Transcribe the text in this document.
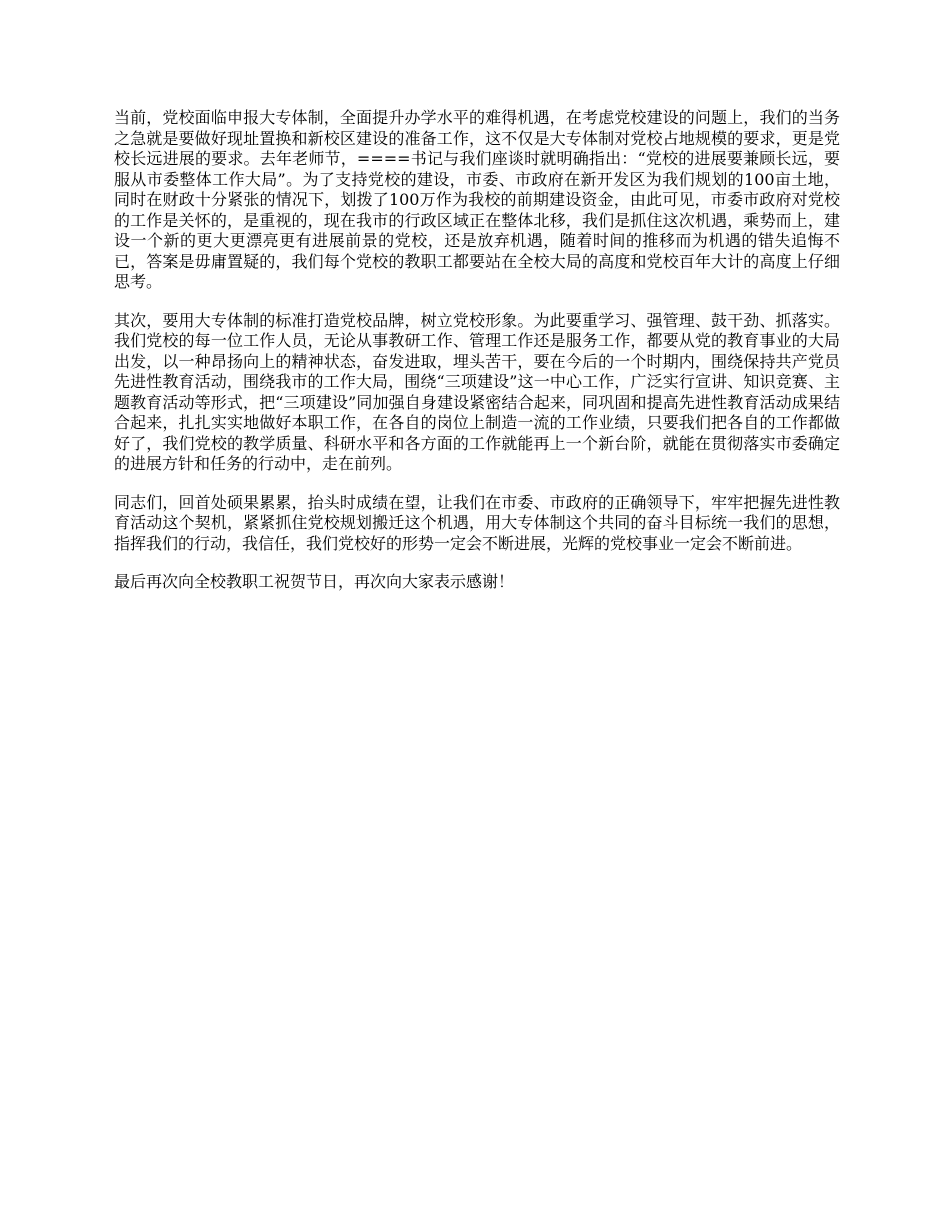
当前，党校面临申报大专体制，全面提升办学水平的难得机遇，在考虑党校建设的问题上，我们的当务之急就是要做好现址置换和新校区建设的准备工作，这不仅是大专体制对党校占地规模的要求，更是党校长远进展的要求。去年老师节，====书记与我们座谈时就明确指出：“党校的进展要兼顾长远，要服从市委整体工作大局”。为了支持党校的建设，市委、市政府在新开发区为我们规划的100亩土地，同时在财政十分紧张的情况下，划拨了100万作为我校的前期建设资金，由此可见，市委市政府对党校的工作是关怀的，是重视的，现在我市的行政区域正在整体北移，我们是抓住这次机遇，乘势而上，建设一个新的更大更漂亮更有进展前景的党校，还是放弃机遇，随着时间的推移而为机遇的错失追悔不已，答案是毋庸置疑的，我们每个党校的教职工都要站在全校大局的高度和党校百年大计的高度上仔细思考。

其次，要用大专体制的标准打造党校品牌，树立党校形象。为此要重学习、强管理、鼓干劲、抓落实。我们党校的每一位工作人员，无论从事教研工作、管理工作还是服务工作，都要从党的教育事业的大局出发，以一种昂扬向上的精神状态，奋发进取，埋头苦干，要在今后的一个时期内，围绕保持共产党员先进性教育活动，围绕我市的工作大局，围绕“三项建设”这一中心工作，广泛实行宣讲、知识竞赛、主题教育活动等形式，把“三项建设”同加强自身建设紧密结合起来，同巩固和提高先进性教育活动成果结合起来，扎扎实实地做好本职工作，在各自的岗位上制造一流的工作业绩，只要我们把各自的工作都做好了，我们党校的教学质量、科研水平和各方面的工作就能再上一个新台阶，就能在贯彻落实市委确定的进展方针和任务的行动中，走在前列。

同志们，回首处硕果累累，抬头时成绩在望，让我们在市委、市政府的正确领导下，牢牢把握先进性教育活动这个契机，紧紧抓住党校规划搬迁这个机遇，用大专体制这个共同的奋斗目标统一我们的思想，指挥我们的行动，我信任，我们党校好的形势一定会不断进展，光辉的党校事业一定会不断前进。

最后再次向全校教职工祝贺节日，再次向大家表示感谢！
